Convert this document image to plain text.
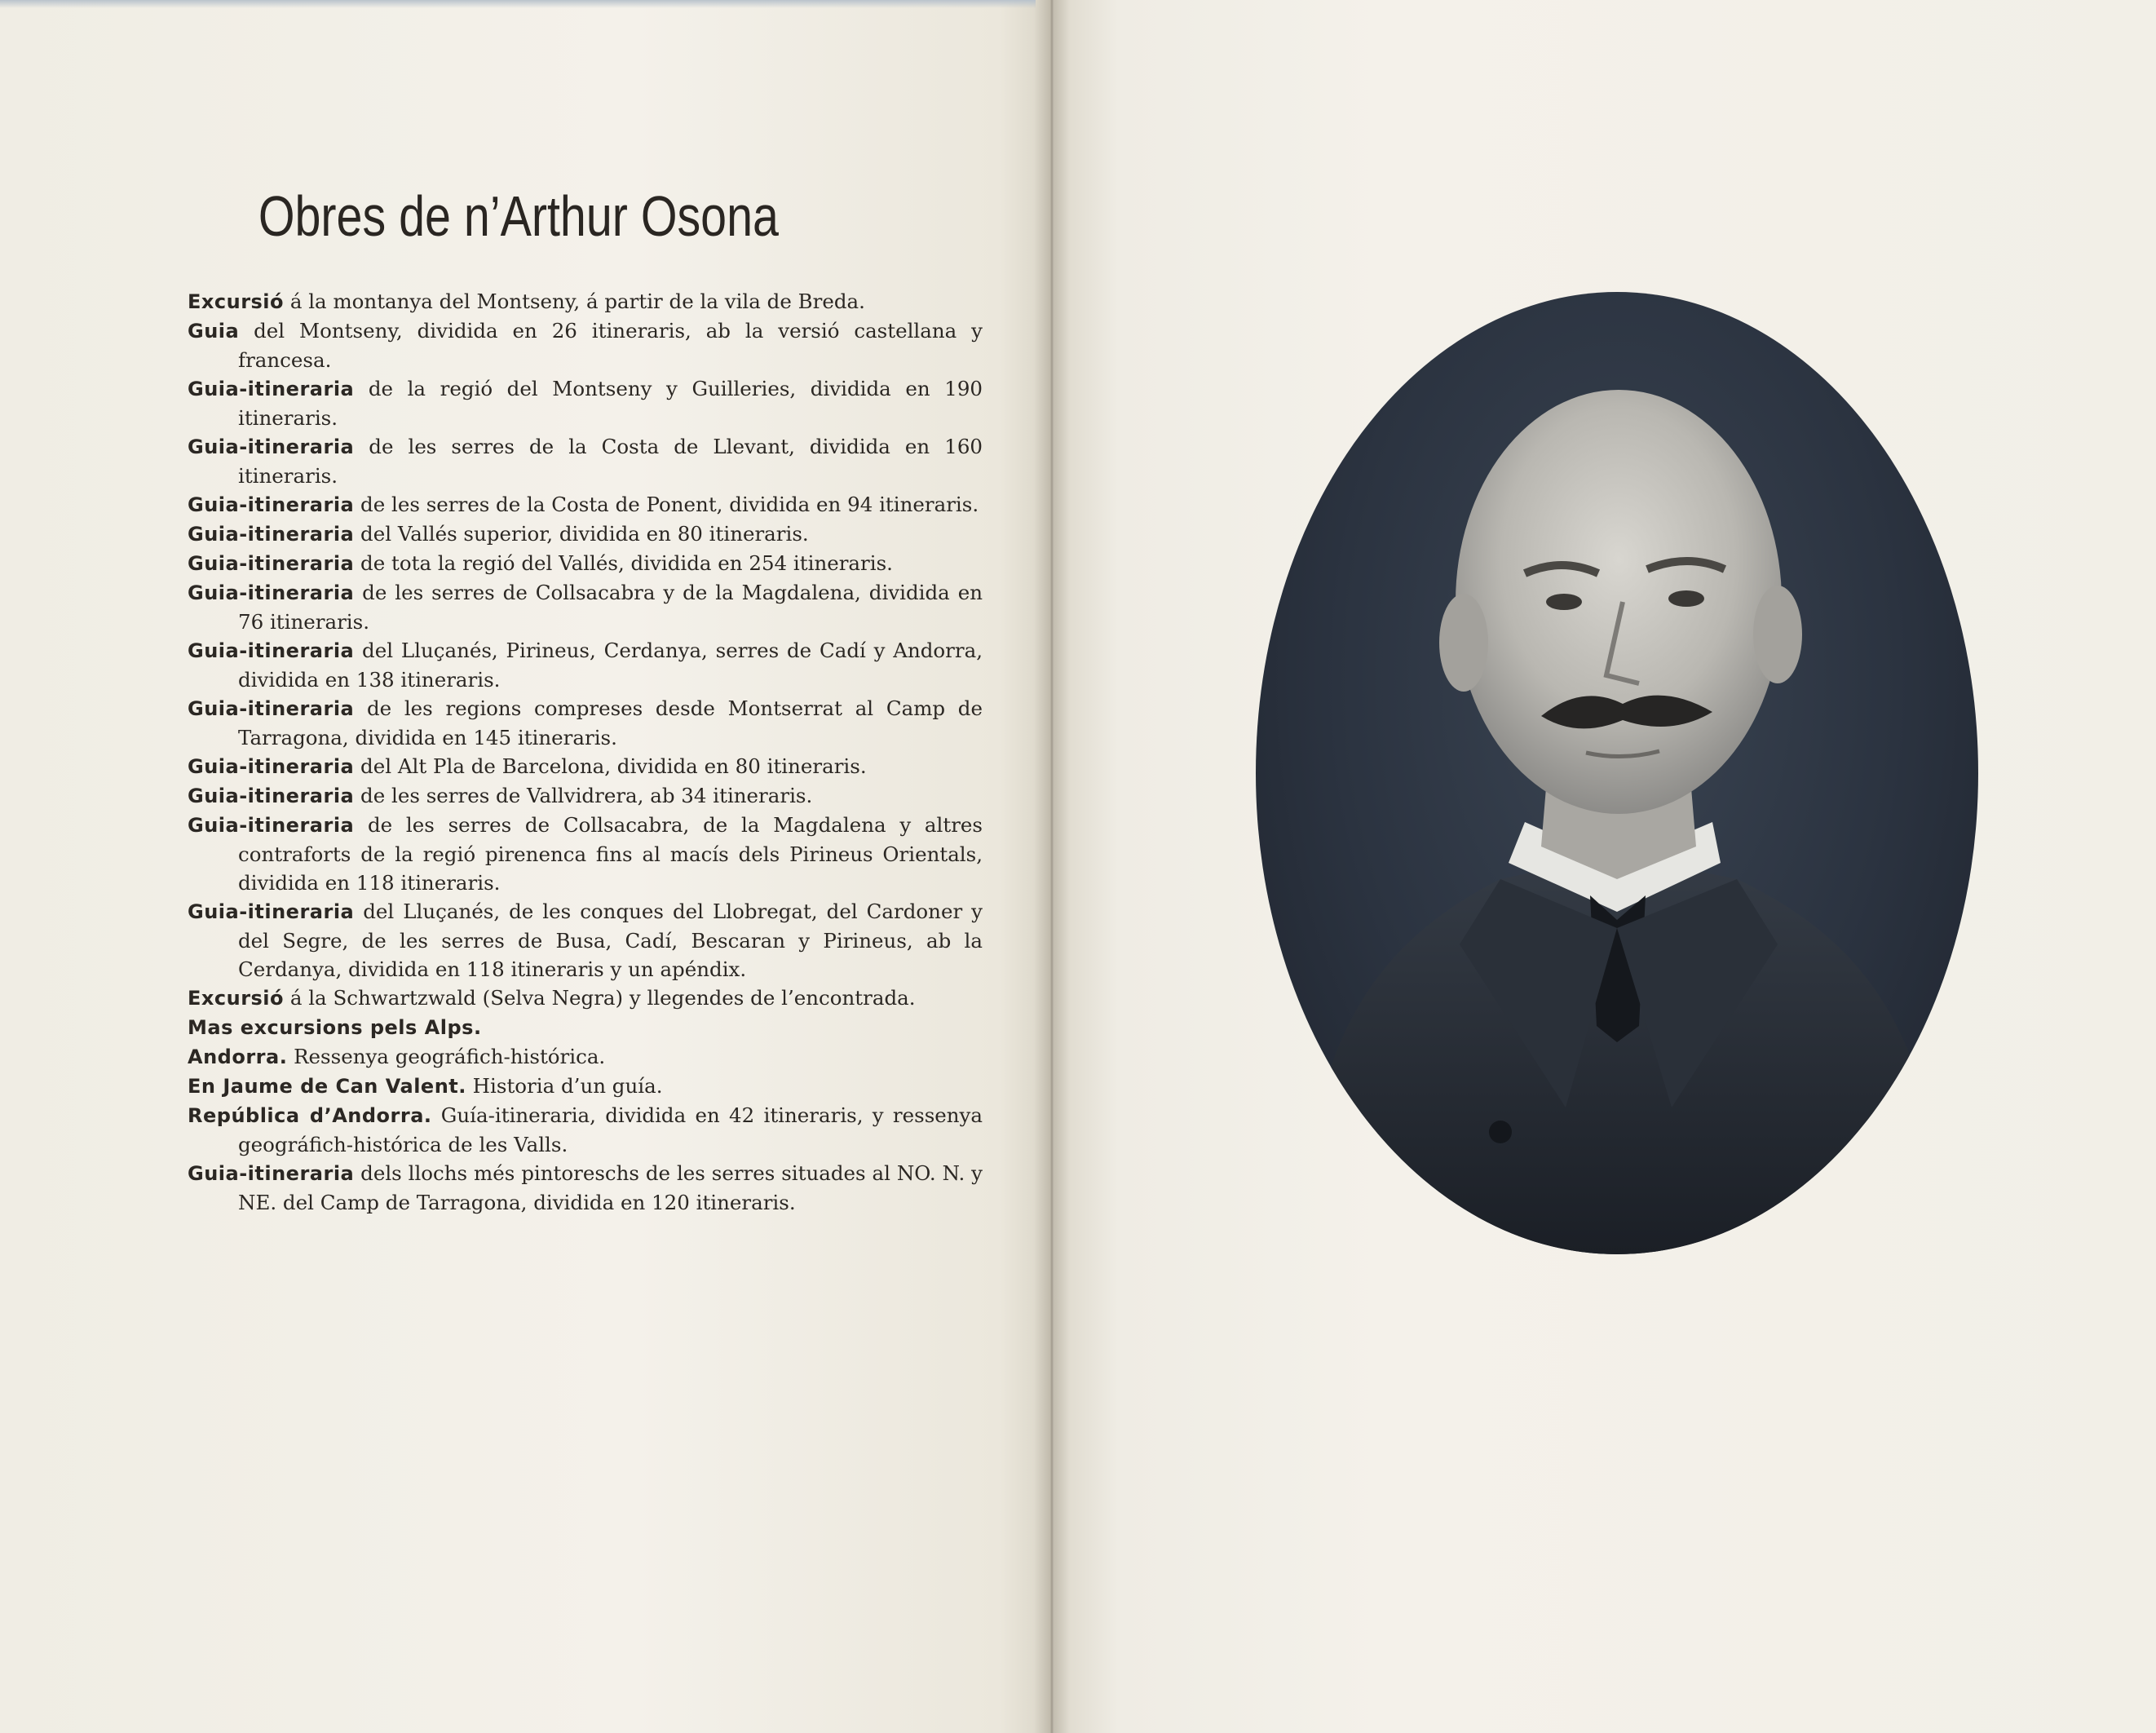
Obres de n’Arthur Osona
Excursió á la montanya del Montseny, á partir de la vila de Breda.
Guia del Montseny, dividida en 26 itineraris, ab la versió castellana y francesa.
Guia-itineraria de la regió del Montseny y Guilleries, dividida en 190 itineraris.
Guia-itineraria de les serres de la Costa de Llevant, dividida en 160 itineraris.
Guia-itineraria de les serres de la Costa de Ponent, dividida en 94 itineraris.
Guia-itineraria del Vallés superior, dividida en 80 itineraris.
Guia-itineraria de tota la regió del Vallés, dividida en 254 itineraris.
Guia-itineraria de les serres de Collsacabra y de la Magdalena, dividida en 76 itineraris.
Guia-itineraria del Lluçanés, Pirineus, Cerdanya, serres de Cadí y Andorra, dividida en 138 itineraris.
Guia-itineraria de les regions compreses desde Montserrat al Camp de Tarragona, dividida en 145 itineraris.
Guia-itineraria del Alt Pla de Barcelona, dividida en 80 itineraris.
Guia-itineraria de les serres de Vallvidrera, ab 34 itineraris.
Guia-itineraria de les serres de Collsacabra, de la Magdalena y altres contraforts de la regió pirenenca fins al macís dels Pirineus Orientals, dividida en 118 itineraris.
Guia-itineraria del Lluçanés, de les conques del Llobregat, del Cardoner y del Segre, de les serres de Busa, Cadí, Bescaran y Pirineus, ab la Cerdanya, dividida en 118 itineraris y un apéndix.
Excursió á la Schwartzwald (Selva Negra) y llegendes de l’encontrada.
Mas excursions pels Alps.
Andorra. Ressenya geográfich-histórica.
En Jaume de Can Valent. Historia d’un guía.
República d’Andorra. Guía-itineraria, dividida en 42 itineraris, y ressenya geográfich-histórica de les Valls.
Guia-itineraria dels llochs més pintoreschs de les serres situades al NO. N. y NE. del Camp de Tarragona, dividida en 120 itineraris.
